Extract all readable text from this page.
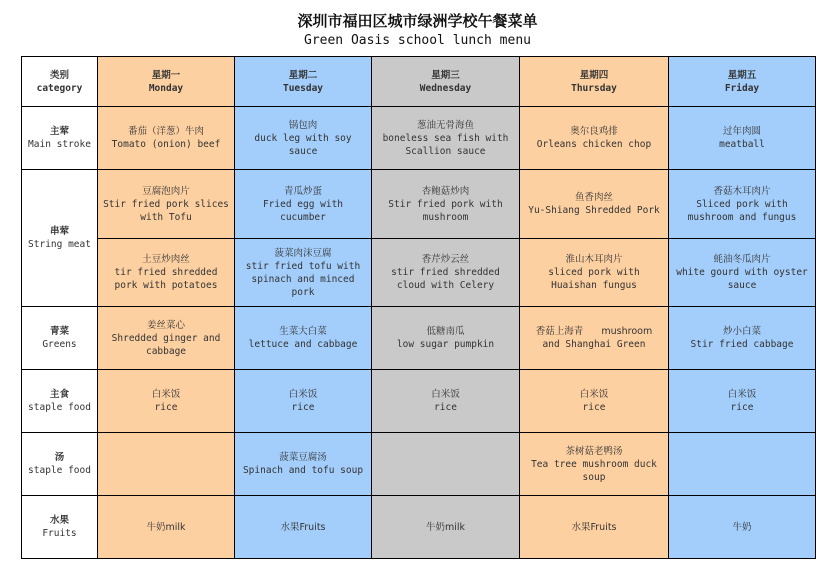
深圳市福田区城市绿洲学校午餐菜单
Green Oasis school lunch menu
类别
category	星期一
Monday	星期二
Tuesday	星期三
Wednesday	星期四
Thursday	星期五
Friday

主荤
Main stroke	番茄（洋葱）牛肉
Tomato (onion) beef	锅包肉
duck leg with soy sauce	葱油无骨海鱼
boneless sea fish with Scallion sauce	奥尔良鸡排
Orleans chicken chop	过年肉圆
meatball

串荤
String meat	豆腐泡肉片
Stir fried pork slices with Tofu	青瓜炒蛋
Fried egg with cucumber	杏鲍菇炒肉
Stir fried pork with mushroom	鱼香肉丝
Yu-Shiang Shredded Pork	香菇木耳肉片
Sliced pork with mushroom and fungus

	土豆炒肉丝
tir fried shredded pork with potatoes	菠菜肉沫豆腐
stir fried tofu with spinach and minced pork	香芹炒云丝
stir fried shredded cloud with Celery	淮山木耳肉片
sliced pork with Huaishan fungus	蚝油冬瓜肉片
white gourd with oyster sauce

青菜
Greens	姜丝菜心
Shredded ginger and cabbage	生菜大白菜
lettuce and cabbage	低糖南瓜
low sugar pumpkin	香菇上海青      mushroom
and Shanghai Green	炒小白菜
Stir fried cabbage

主食
staple food	白米饭
rice	白米饭
rice	白米饭
rice	白米饭
rice	白米饭
rice

汤
staple food		菠菜豆腐汤
Spinach and tofu soup		茶树菇老鸭汤
Tea tree mushroom duck soup	

水果
Fruits	牛奶milk	水果Fruits	牛奶milk	水果Fruits	牛奶
